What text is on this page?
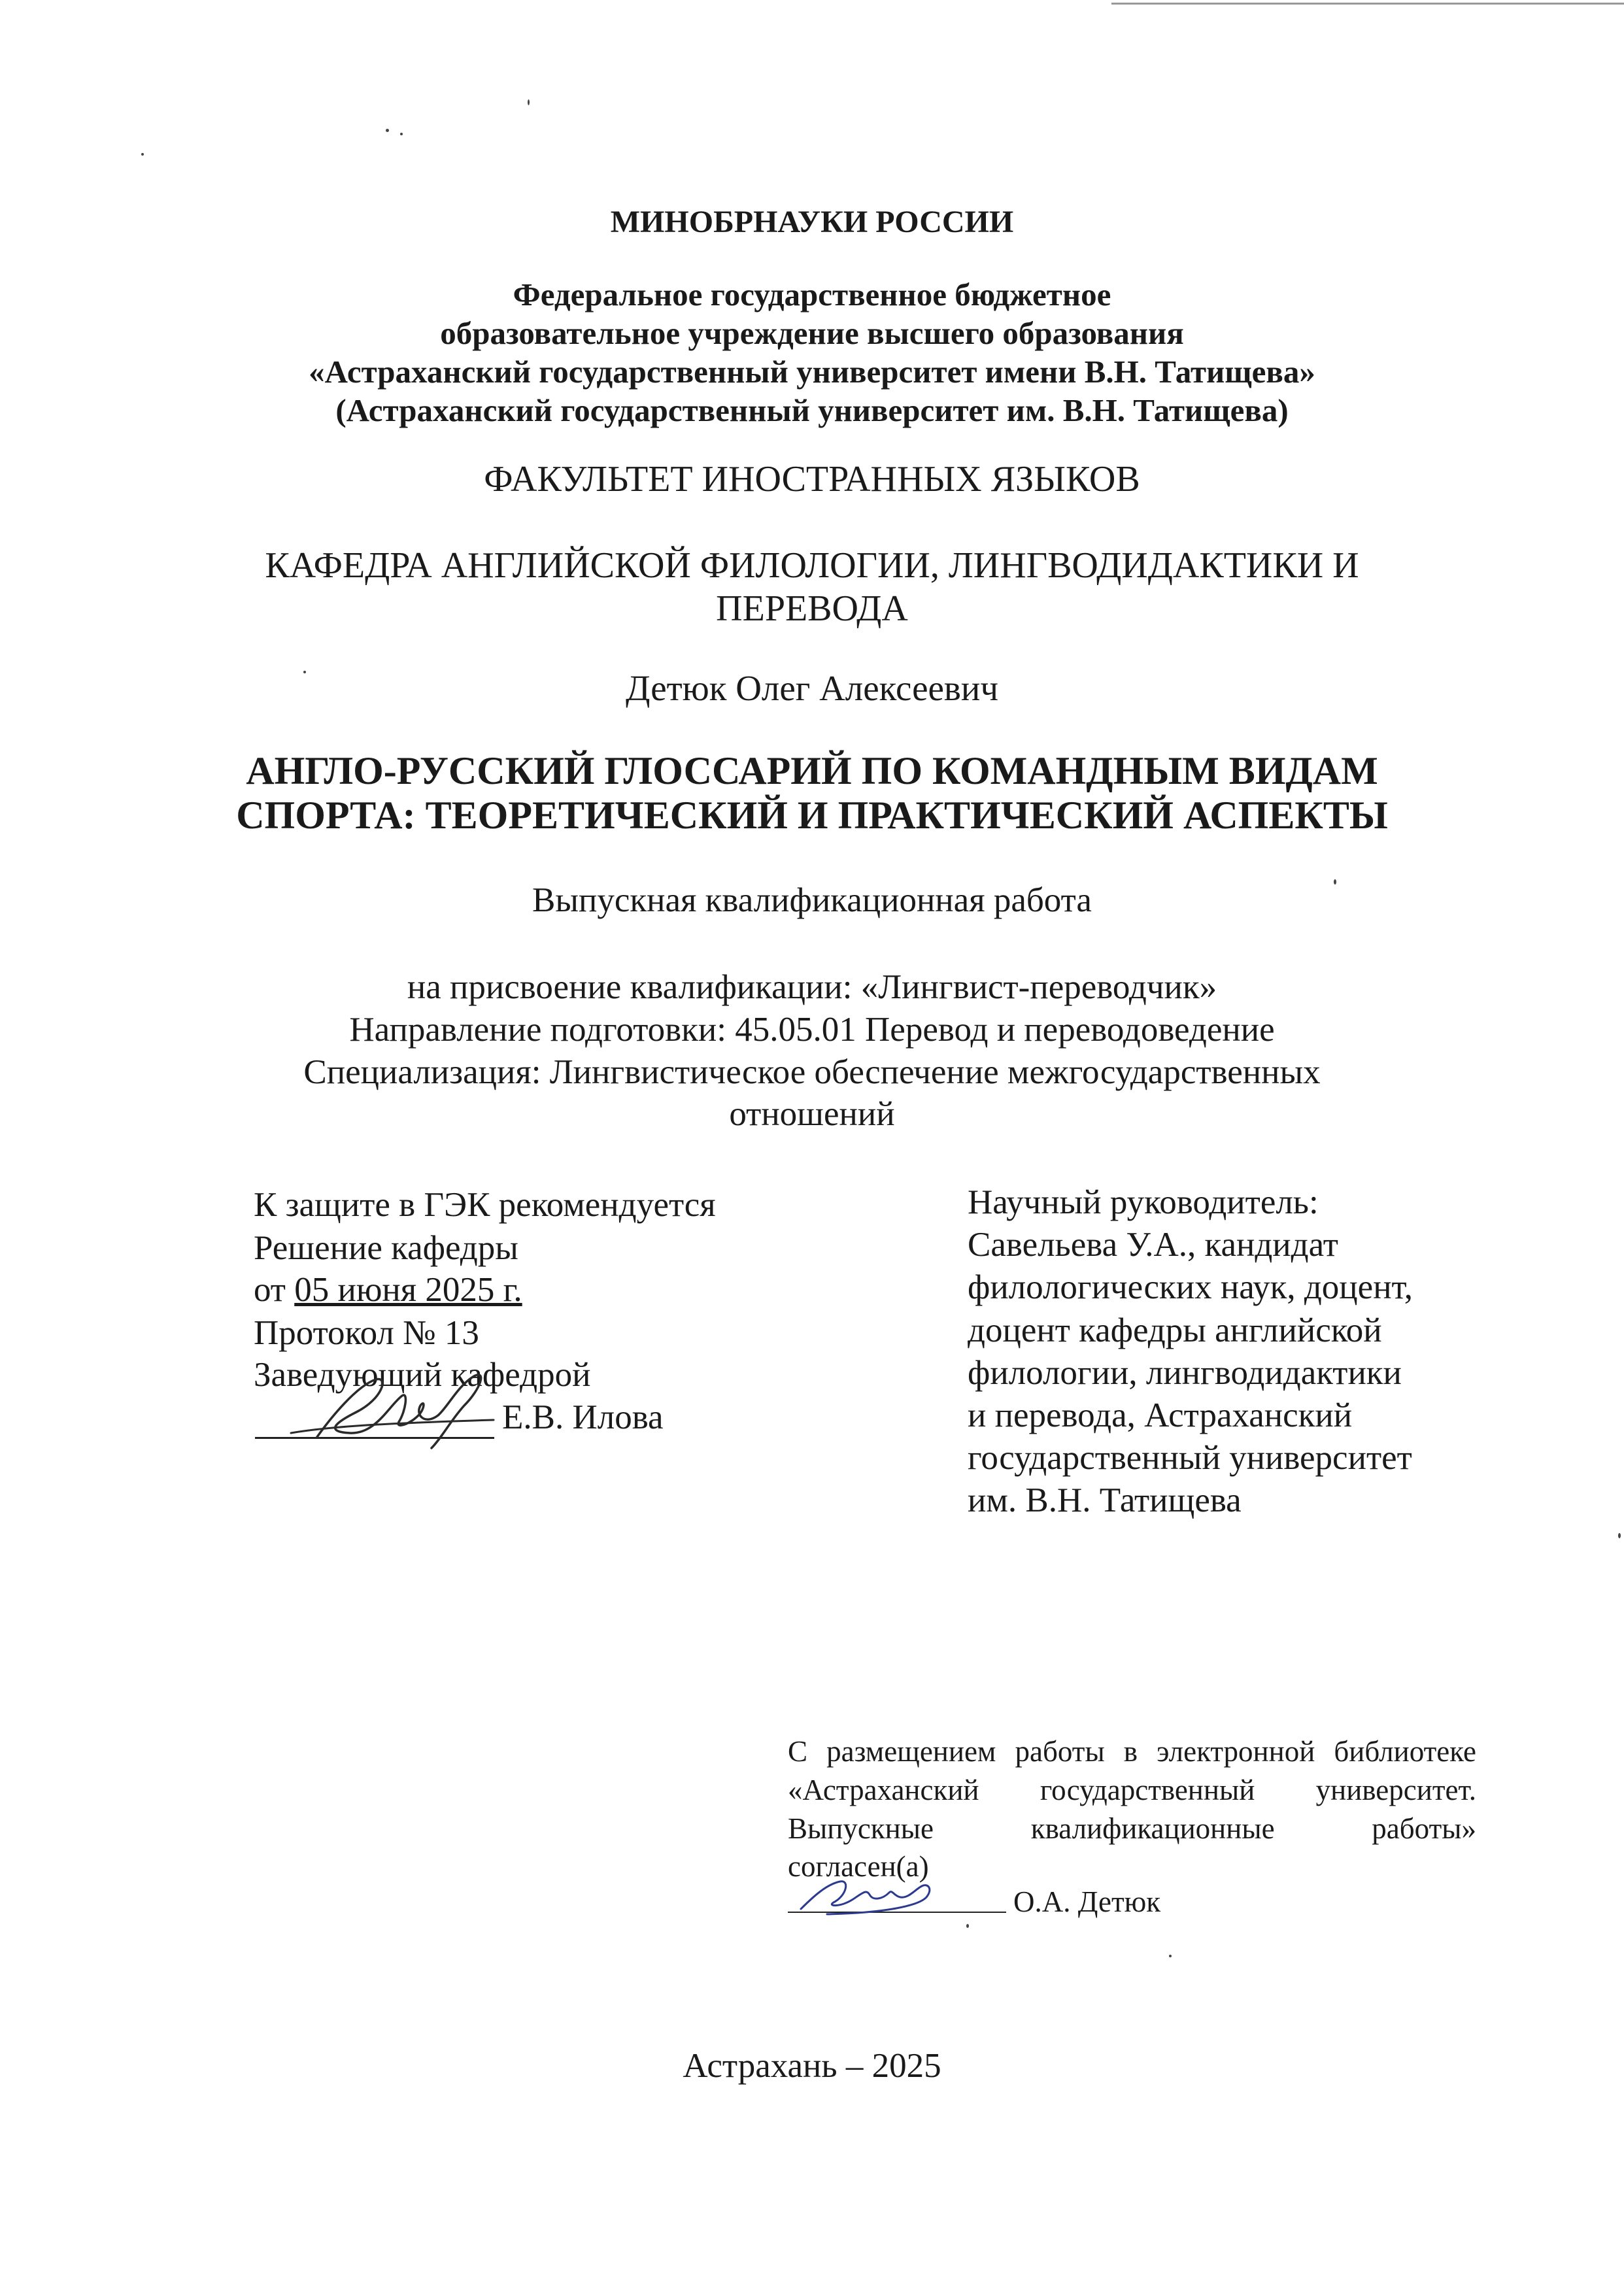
МИНОБРНАУКИ РОССИИ
Федеральное государственное бюджетное
образовательное учреждение высшего образования
«Астраханский государственный университет имени В.Н. Татищева»
(Астраханский государственный университет им. В.Н. Татищева)
ФАКУЛЬТЕТ ИНОСТРАННЫХ ЯЗЫКОВ
КАФЕДРА АНГЛИЙСКОЙ ФИЛОЛОГИИ, ЛИНГВОДИДАКТИКИ И
ПЕРЕВОДА
Детюк Олег Алексеевич
АНГЛО-РУССКИЙ ГЛОССАРИЙ ПО КОМАНДНЫМ ВИДАМ
СПОРТА: ТЕОРЕТИЧЕСКИЙ И ПРАКТИЧЕСКИЙ АСПЕКТЫ
Выпускная квалификационная работа
на присвоение квалификации: «Лингвист-переводчик»
Направление подготовки: 45.05.01 Перевод и переводоведение
Специализация: Лингвистическое обеспечение межгосударственных
отношений
К защите в ГЭК рекомендуется
Решение кафедры
от 05 июня 2025 г.
Протокол № 13
Заведующий кафедрой
Е.В. Илова
Научный руководитель:
Савельева У.А., кандидат
филологических наук, доцент,
доцент кафедры английской
филологии, лингводидактики
и перевода, Астраханский
государственный университет
им. В.Н. Татищева
С размещением работы в электронной библиотеке
«Астраханский государственный университет.
Выпускные	квалификационные	работы»
согласен(а)
О.А. Детюк
Астрахань – 2025
